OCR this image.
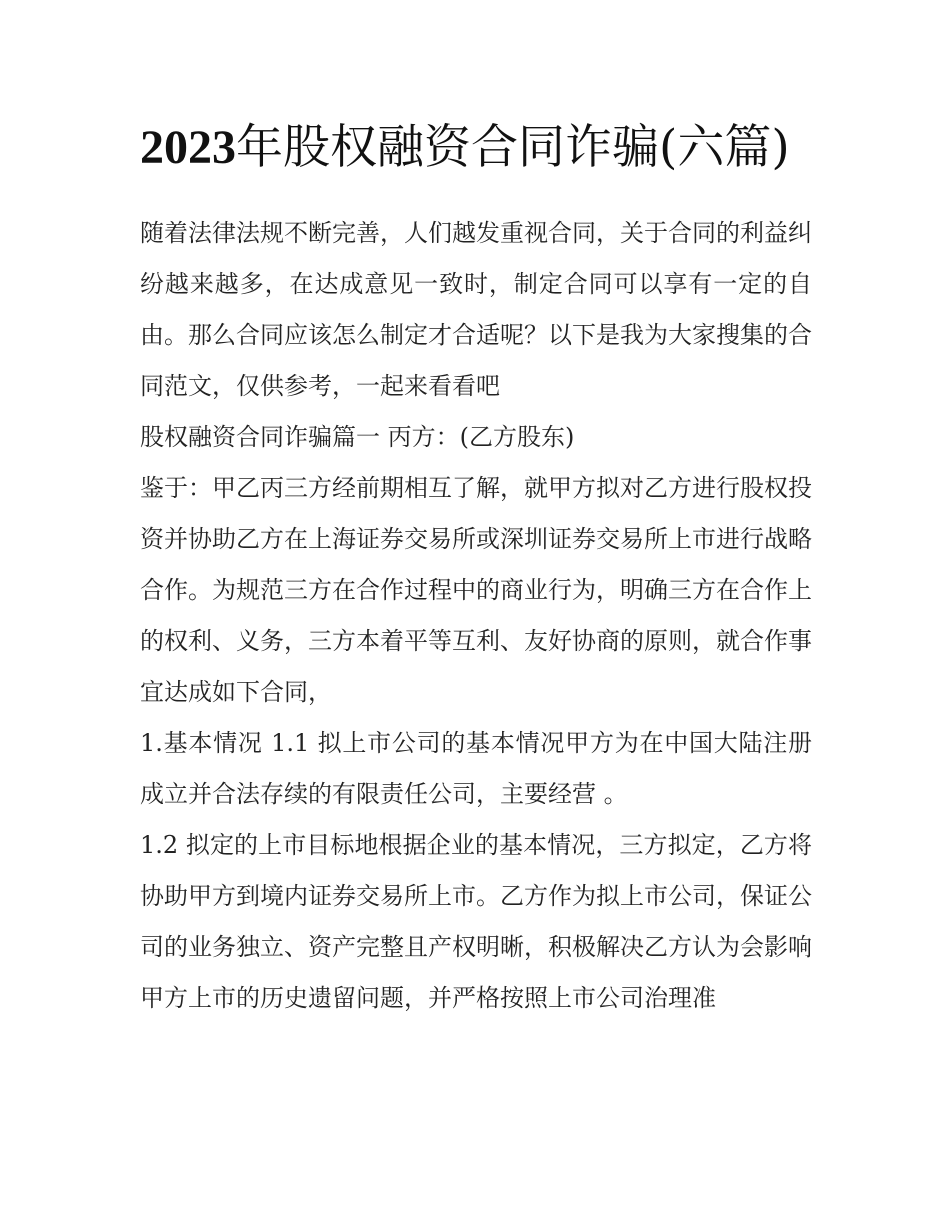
2023年股权融资合同诈骗(六篇)

随着法律法规不断完善，人们越发重视合同，关于合同的利益纠纷越来越多，在达成意见一致时，制定合同可以享有一定的自由。那么合同应该怎么制定才合适呢？以下是我为大家搜集的合同范文，仅供参考，一起来看看吧

股权融资合同诈骗篇一 丙方：(乙方股东)

鉴于：甲乙丙三方经前期相互了解，就甲方拟对乙方进行股权投资并协助乙方在上海证券交易所或深圳证券交易所上市进行战略合作。为规范三方在合作过程中的商业行为，明确三方在合作上的权利、义务，三方本着平等互利、友好协商的原则，就合作事宜达成如下合同，

1.基本情况 1.1 拟上市公司的基本情况甲方为在中国大陆注册成立并合法存续的有限责任公司，主要经营 。

1.2 拟定的上市目标地根据企业的基本情况，三方拟定，乙方将协助甲方到境内证券交易所上市。乙方作为拟上市公司，保证公司的业务独立、资产完整且产权明晰，积极解决乙方认为会影响甲方上市的历史遗留问题，并严格按照上市公司治理准
